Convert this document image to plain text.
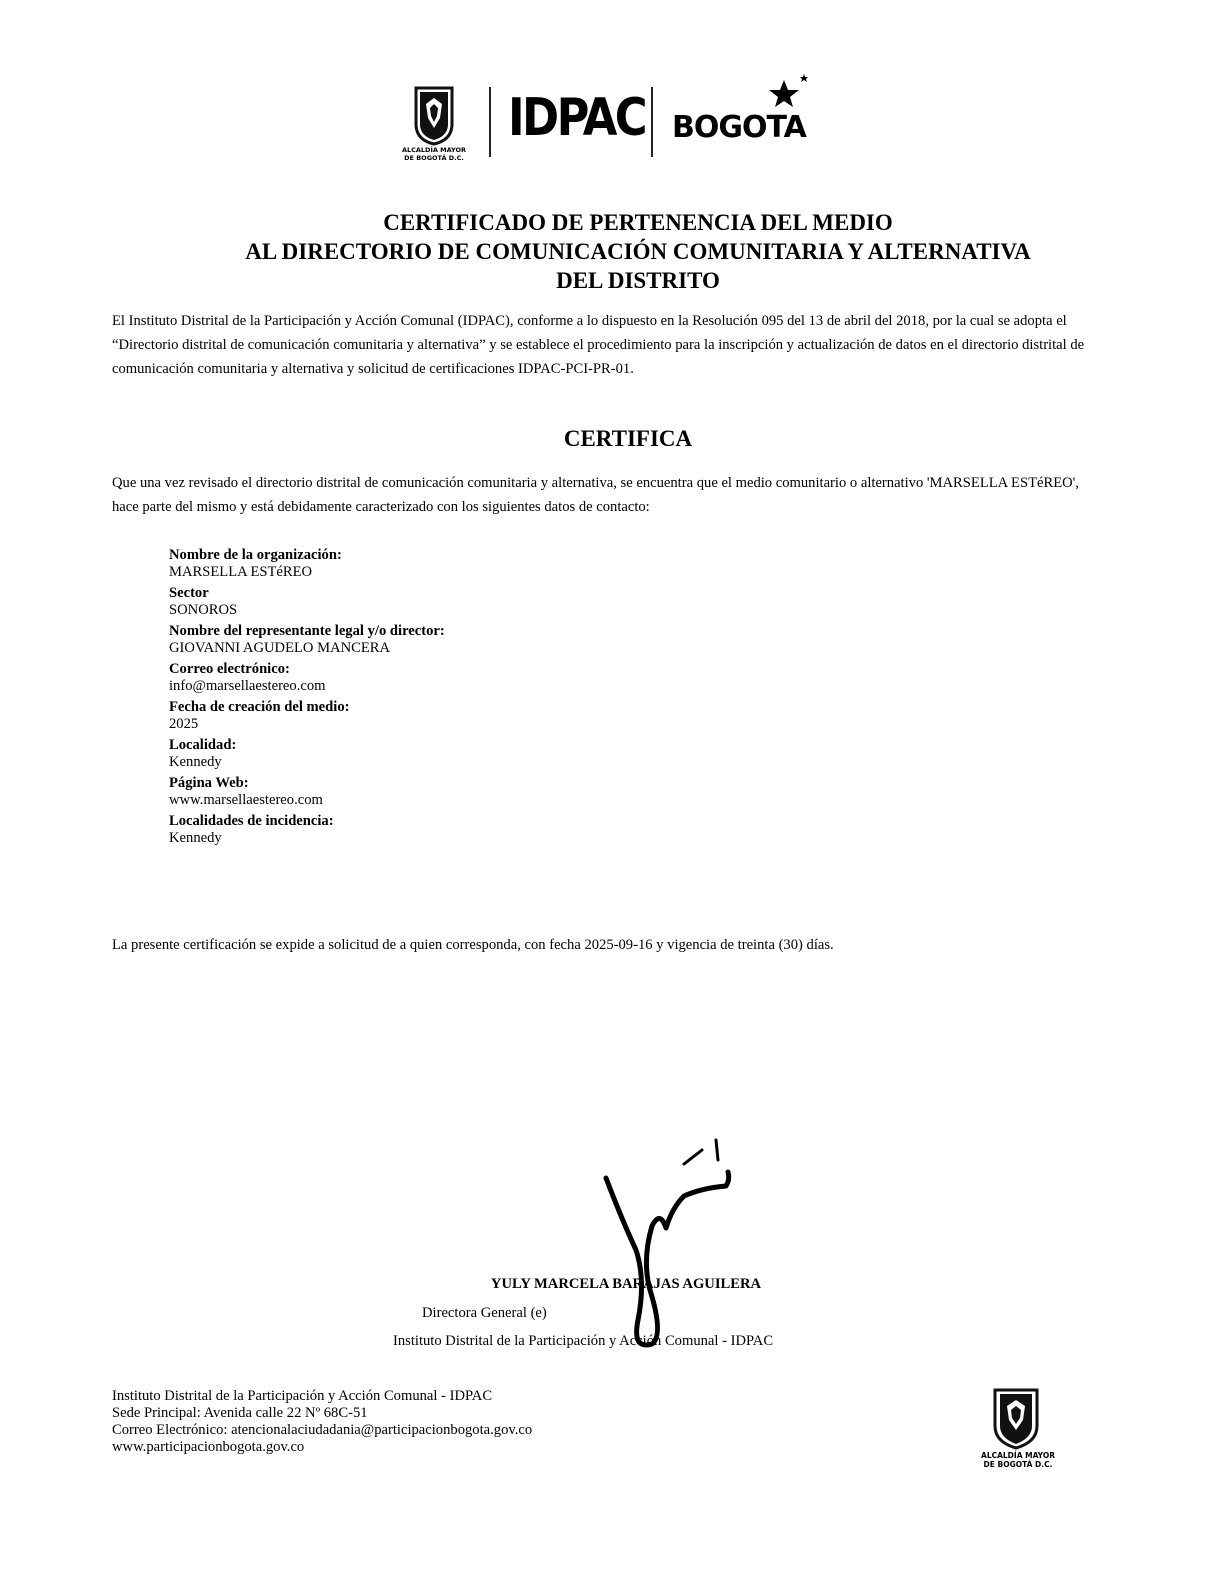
ALCALDÍA MAYOR
DE BOGOTÁ D.C.
IDPAC BOGOTA
CERTIFICADO DE PERTENENCIA DEL MEDIO
AL DIRECTORIO DE COMUNICACIÓN COMUNITARIA Y ALTERNATIVA
DEL DISTRITO
El Instituto Distrital de la Participación y Acción Comunal (IDPAC), conforme a lo dispuesto en la Resolución 095 del 13 de abril del 2018, por la cual se adopta el “Directorio distrital de comunicación comunitaria y alternativa” y se establece el procedimiento para la inscripción y actualización de datos en el directorio distrital de comunicación comunitaria y alternativa y solicitud de certificaciones IDPAC-PCI-PR-01.
CERTIFICA
Que una vez revisado el directorio distrital de comunicación comunitaria y alternativa, se encuentra que el medio comunitario o alternativo 'MARSELLA ESTéREO', hace parte del mismo y está debidamente caracterizado con los siguientes datos de contacto:
Nombre de la organización:
MARSELLA ESTéREO
Sector
SONOROS
Nombre del representante legal y/o director:
GIOVANNI AGUDELO MANCERA
Correo electrónico:
info@marsellaestereo.com
Fecha de creación del medio:
2025
Localidad:
Kennedy
Página Web:
www.marsellaestereo.com
Localidades de incidencia:
Kennedy
La presente certificación se expide a solicitud de a quien corresponda, con fecha 2025-09-16 y vigencia de treinta (30) días.
YULY MARCELA BARAJAS AGUILERA
Directora General (e)
Instituto Distrital de la Participación y Acción Comunal - IDPAC
Instituto Distrital de la Participación y Acción Comunal - IDPAC
Sede Principal: Avenida calle 22 Nº 68C-51
Correo Electrónico: atencionalaciudadania@participacionbogota.gov.co
www.participacionbogota.gov.co
ALCALDÍA MAYOR
DE BOGOTÁ D.C.
